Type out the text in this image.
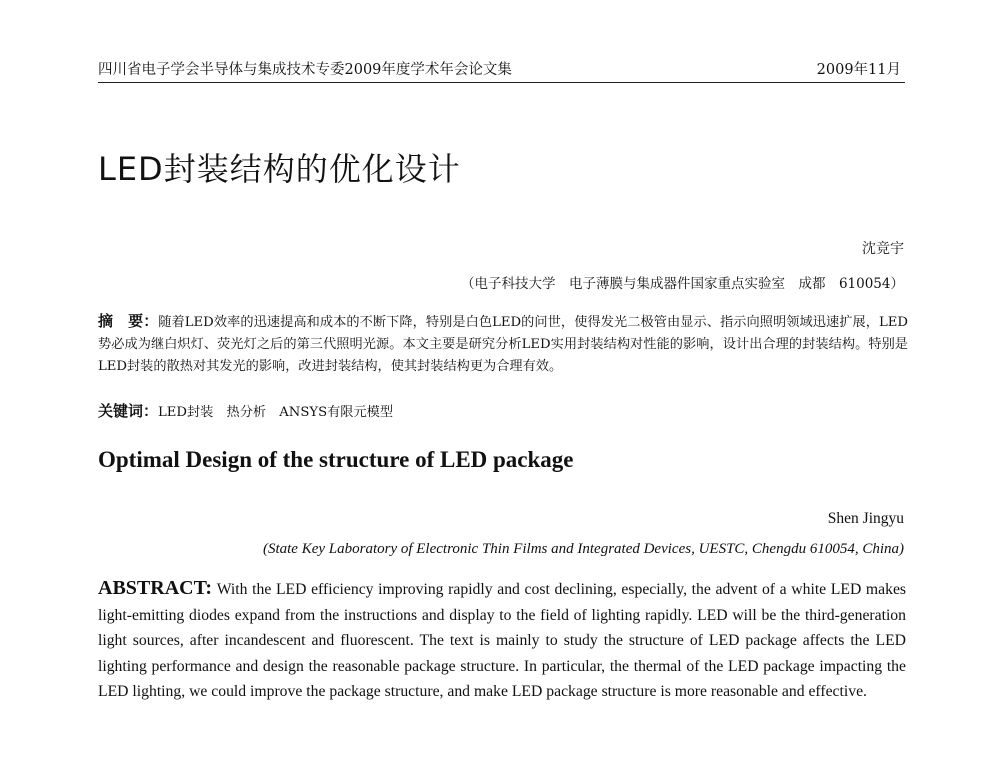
四川省电子学会半导体与集成技术专委2009年度学术年会论文集	2009年11月
LED封装结构的优化设计
沈竞宇
（电子科技大学　电子薄膜与集成器件国家重点实验室　成都　610054）
摘　要：随着LED效率的迅速提高和成本的不断下降，特别是白色LED的问世，使得发光二极管由显示、指示向照明领域迅速扩展，LED势必成为继白炽灯、荧光灯之后的第三代照明光源。本文主要是研究分析LED实用封装结构对性能的影响，设计出合理的封装结构。特别是LED封装的散热对其发光的影响，改进封装结构，使其封装结构更为合理有效。
关键词：LED封装　热分析　ANSYS有限元模型
Optimal Design of the structure of LED package
Shen Jingyu
(State Key Laboratory of Electronic Thin Films and Integrated Devices, UESTC, Chengdu 610054, China)
ABSTRACT: With the LED efficiency improving rapidly and cost declining, especially, the advent of a white LED makes light-emitting diodes expand from the instructions and display to the field of lighting rapidly. LED will be the third-generation light sources, after incandescent and fluorescent. The text is mainly to study the structure of LED package affects the LED lighting performance and design the reasonable package structure. In particular, the thermal of the LED package impacting the LED lighting, we could improve the package structure, and make LED package structure is more reasonable and effective.
